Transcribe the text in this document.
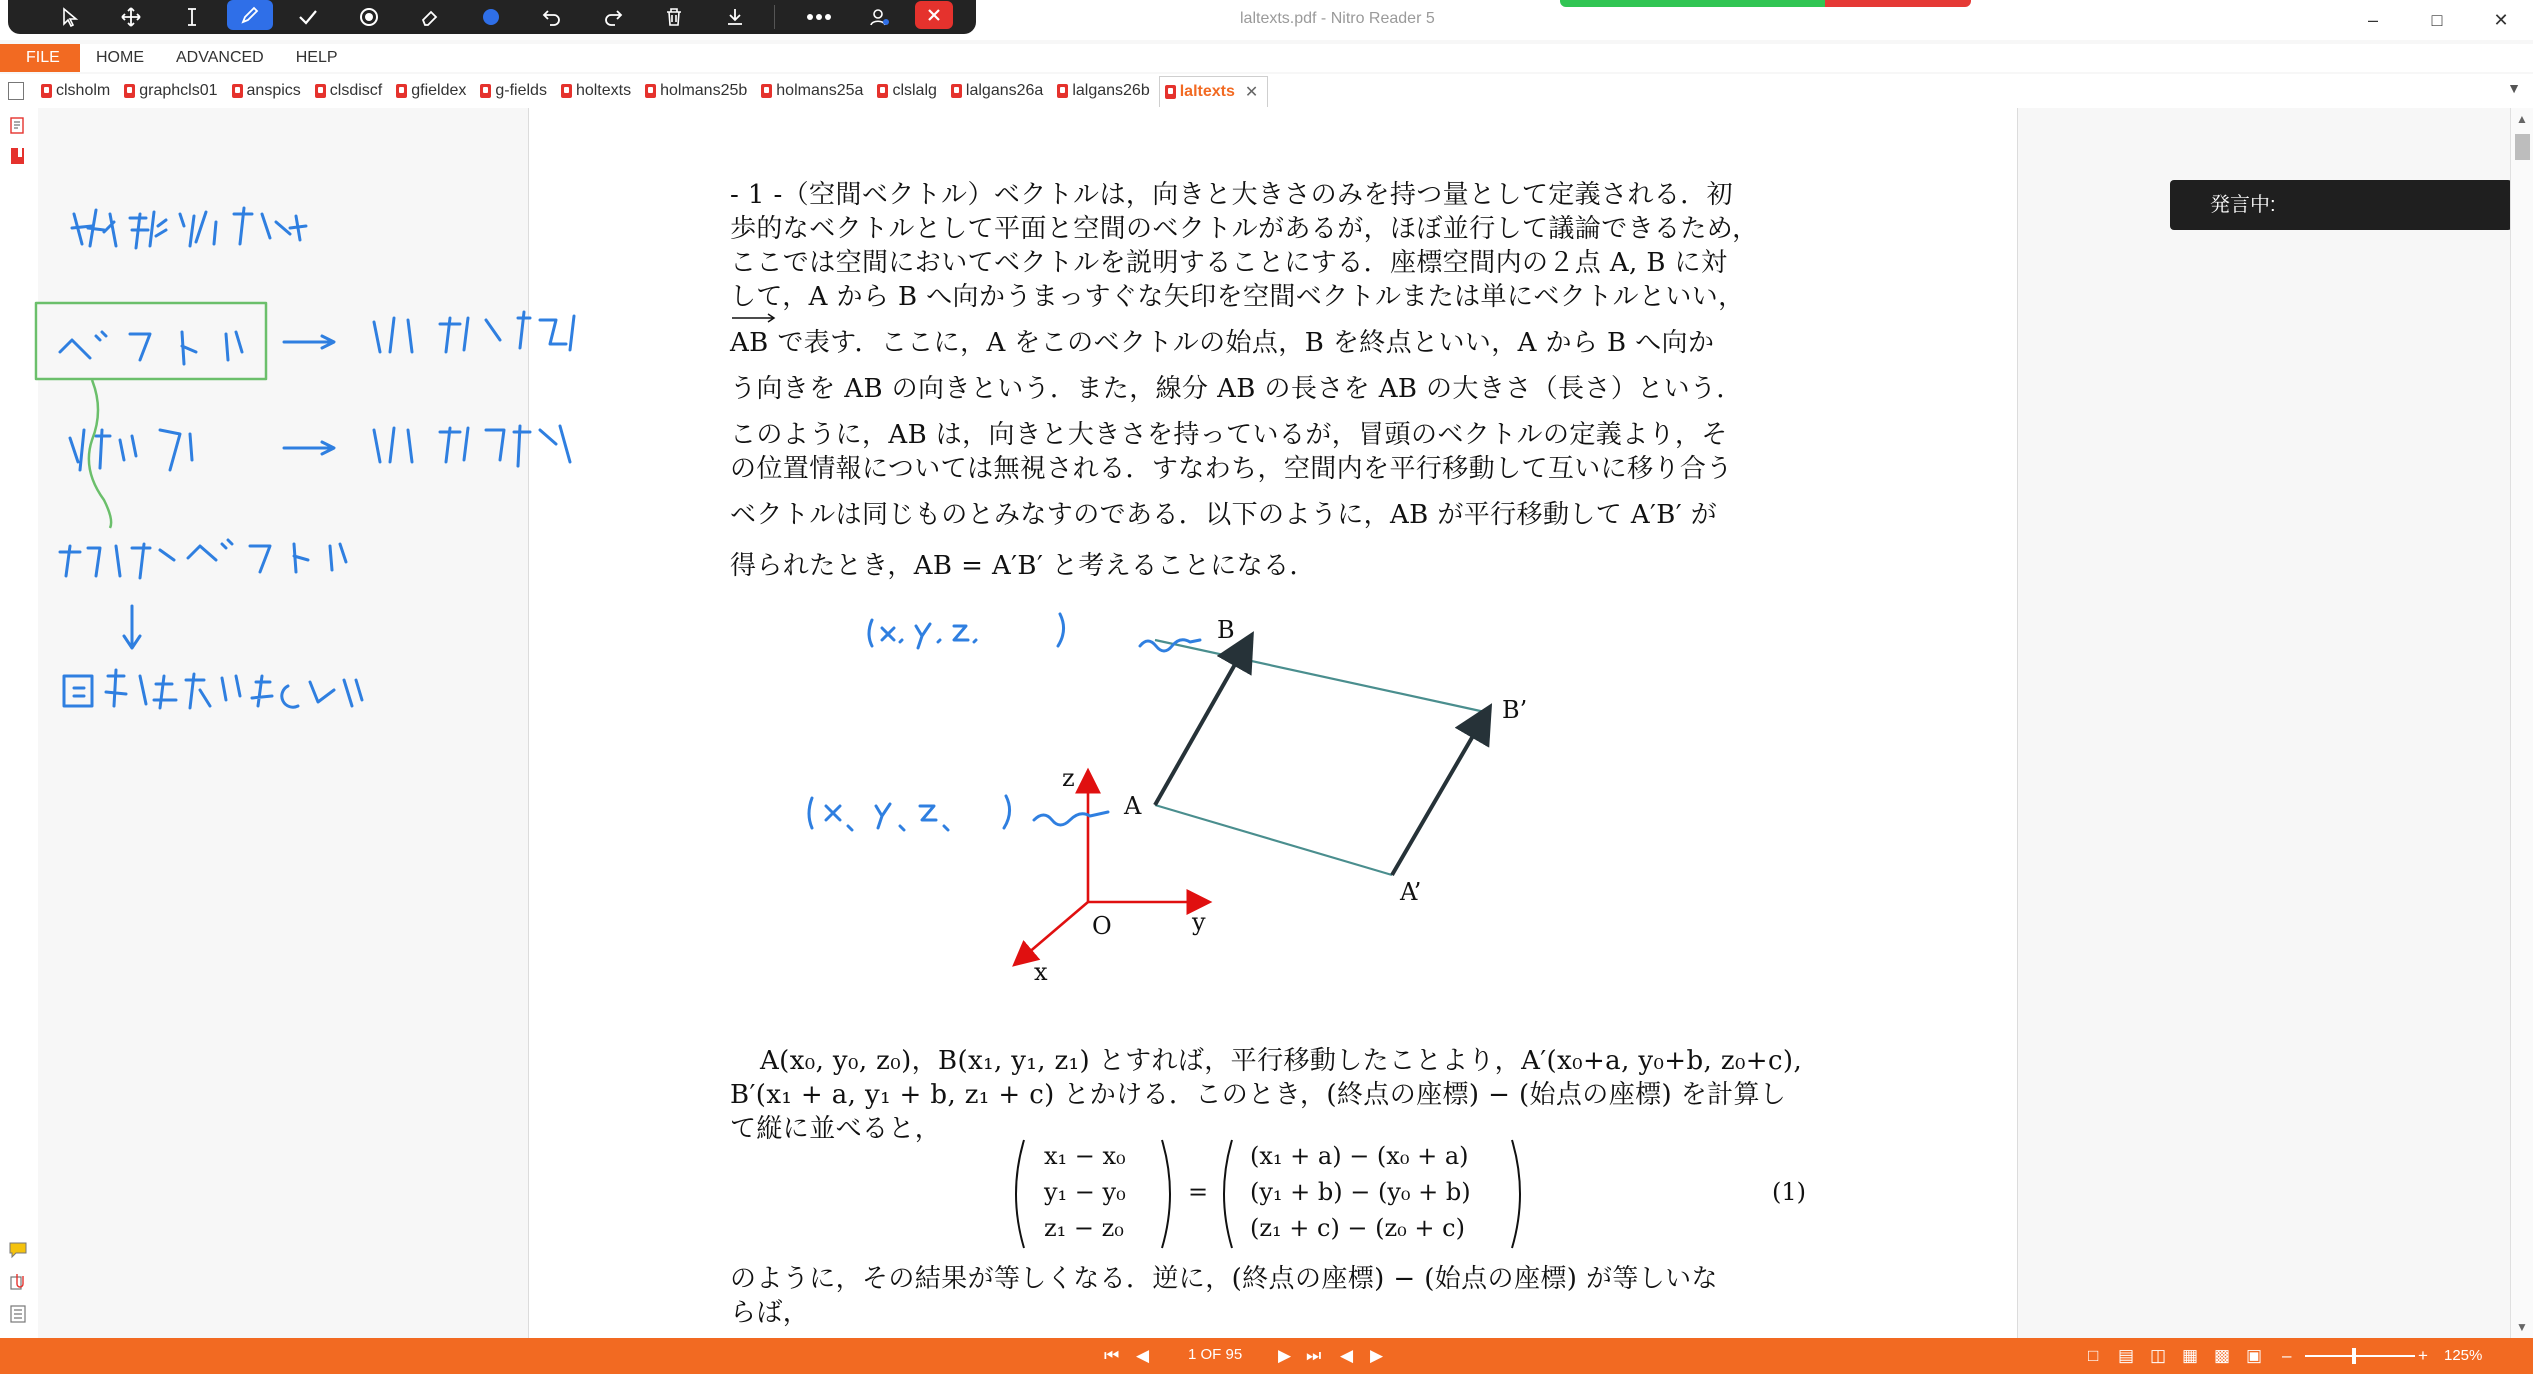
laltexts.pdf - Nitro Reader 5	–	□	✕
FILE	HOME	ADVANCED	HELP
clsholm graphcls01 anspics clsdiscf gfieldex g-fields holtexts holmans25b holmans25a clslalg lalgans26a lalgans26b laltexts ✕	▼
発言中:
▲
▼
- 1 -（空間ベクトル）ベクトルは，向きと大きさのみを持つ量として定義される．初
歩的なベクトルとして平面と空間のベクトルがあるが，ほぼ並行して議論できるため，
ここでは空間においてベクトルを説明することにする．座標空間内の２点 A, B に対
して，A から B へ向かうまっすぐな矢印を空間ベクトルまたは単にベクトルといい，
AB で表す．ここに，A をこのベクトルの始点，B を終点といい，A から B へ向か
う向きを AB の向きという．また，線分 AB の長さを AB の大きさ（長さ）という．
このように，AB は，向きと大きさを持っているが，冒頭のベクトルの定義より，そ
の位置情報については無視される．すなわち，空間内を平行移動して互いに移り合う
ベクトルは同じものとみなすのである．以下のように，AB が平行移動して A′B′ が
得られたとき，AB = A′B′ と考えることになる．
B
B’
A
A’
O	y
x
z
A(x₀, y₀, z₀)，B(x₁, y₁, z₁) とすれば，平行移動したことより，A′(x₀+a, y₀+b, z₀+c),
B′(x₁ + a, y₁ + b, z₁ + c) とかける．このとき，(終点の座標) − (始点の座標) を計算し
て縦に並べると，
x₁ − x₀
y₁ − y₀
z₁ − z₀
=
(x₁ + a) − (x₀ + a)
(y₁ + b) − (y₀ + b)
(z₁ + c) − (z₀ + c)
(1)
のように，その結果が等しくなる．逆に，(終点の座標) − (始点の座標) が等しいな
らば，
⏮ ◀	1 OF 95 ▶ ⏭ ◀ ▶	□ ▤ ◫ ▦ ▩ ▣ –	+ 125%
